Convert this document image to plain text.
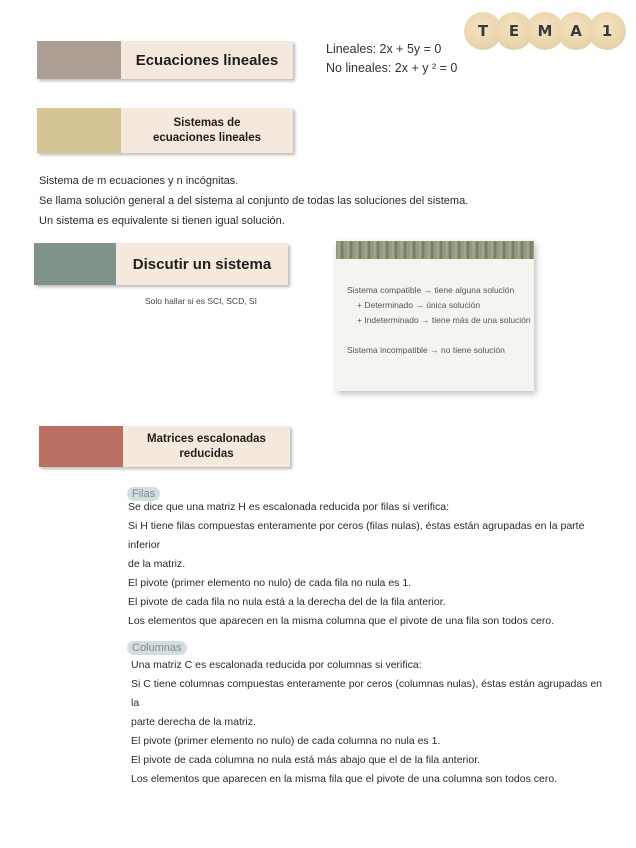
T	E	M	A	1
Ecuaciones lineales
Lineales: 2x + 5y = 0
No lineales: 2x + y ² = 0
Sistemas de
ecuaciones lineales
Sistema de m ecuaciones y n incógnitas.
Se llama solución general a del sistema al conjunto de todas las soluciones del sistema.
Un sistema es equivalente si tienen igual solución.
Discutir un sistema
Solo hallar si es SCI, SCD, SI
Sistema compatible → tiene alguna solución
+ Determinado → única solución
+ Indeterminado → tiene más de una solución
Sistema incompatible → no tiene solución
Matrices escalonadas
reducidas
Filas
Se dice que una matriz H es escalonada reducida por filas si verifica:
Si H tiene filas compuestas enteramente por ceros (filas nulas), éstas están agrupadas en la parte inferior
de la matriz.
El pivote (primer elemento no nulo) de cada fila no nula es 1.
El pivote de cada fila no nula está a la derecha del de la fila anterior.
Los elementos que aparecen en la misma columna que el pivote de una fila son todos cero.
Columnas
Una matriz C es escalonada reducida por columnas si verifica:
Si C tiene columnas compuestas enteramente por ceros (columnas nulas), éstas están agrupadas en la
parte derecha de la matriz.
El pivote (primer elemento no nulo) de cada columna no nula es 1.
El pivote de cada columna no nula está más abajo que el de la fila anterior.
Los elementos que aparecen en la misma fila que el pivote de una columna son todos cero.
